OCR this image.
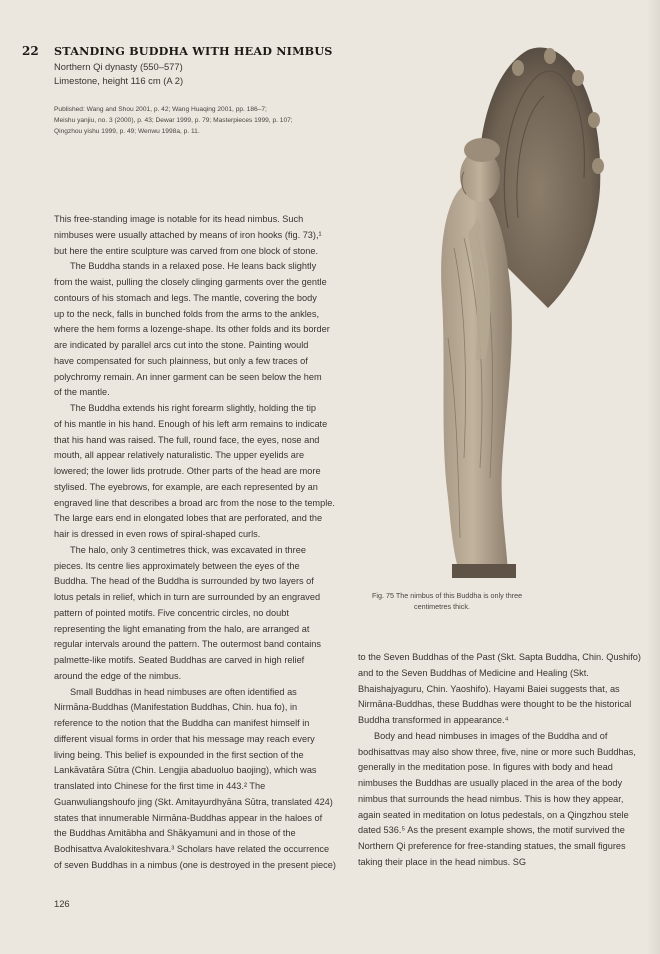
22 STANDING BUDDHA WITH HEAD NIMBUS
Northern Qi dynasty (550–577)
Limestone, height 116 cm (A 2)
Published: Wang and Shou 2001, p. 42; Wang Huaqing 2001, pp. 186–7;
Meishu yanjiu, no. 3 (2000), p. 43; Dewar 1999, p. 79; Masterpieces 1999, p. 107;
Qingzhou yishu 1999, p. 49; Wenwu 1998a, p. 11.

This free-standing image is notable for its head nimbus. Such
nimbuses were usually attached by means of iron hooks (fig. 73),¹
but here the entire sculpture was carved from one block of stone.

The Buddha stands in a relaxed pose. He leans back slightly
from the waist, pulling the closely clinging garments over the gentle
contours of his stomach and legs. The mantle, covering the body
up to the neck, falls in bunched folds from the arms to the ankles,
where the hem forms a lozenge-shape. Its other folds and its border
are indicated by parallel arcs cut into the stone. Painting would
have compensated for such plainness, but only a few traces of
polychromy remain. An inner garment can be seen below the hem
of the mantle.

The Buddha extends his right forearm slightly, holding the tip
of his mantle in his hand. Enough of his left arm remains to indicate
that his hand was raised. The full, round face, the eyes, nose and
mouth, all appear relatively naturalistic. The upper eyelids are
lowered; the lower lids protrude. Other parts of the head are more
stylised. The eyebrows, for example, are each represented by an
engraved line that describes a broad arc from the nose to the temple.
The large ears end in elongated lobes that are perforated, and the
hair is dressed in even rows of spiral-shaped curls.

The halo, only 3 centimetres thick, was excavated in three
pieces. Its centre lies approximately between the eyes of the
Buddha. The head of the Buddha is surrounded by two layers of
lotus petals in relief, which in turn are surrounded by an engraved
pattern of pointed motifs. Five concentric circles, no doubt
representing the light emanating from the halo, are arranged at
regular intervals around the pattern. The outermost band contains
palmette-like motifs. Seated Buddhas are carved in high relief
around the edge of the nimbus.

Small Buddhas in head nimbuses are often identified as
Nirmāna-Buddhas (Manifestation Buddhas, Chin. hua fo), in
reference to the notion that the Buddha can manifest himself in
different visual forms in order that his message may reach every
living being. This belief is expounded in the first section of the
Lankāvatāra Sūtra (Chin. Lengjia abaduoluo baojing), which was
translated into Chinese for the first time in 443.² The
Guanwuliangshoufo jing (Skt. Amitayurdhyāna Sūtra, translated 424)
states that innumerable Nirmāna-Buddhas appear in the haloes of
the Buddhas Amitābha and Shākyamuni and in those of the
Bodhisattva Avalokiteshvara.³ Scholars have related the occurrence
of seven Buddhas in a nimbus (one is destroyed in the present piece)

Fig. 75 The nimbus of this Buddha is only three
centimetres thick.

to the Seven Buddhas of the Past (Skt. Sapta Buddha, Chin. Qushifo)
and to the Seven Buddhas of Medicine and Healing (Skt.
Bhaishajyaguru, Chin. Yaoshifo). Hayami Baiei suggests that, as
Nirmāna-Buddhas, these Buddhas were thought to be the historical
Buddha transformed in appearance.⁴

Body and head nimbuses in images of the Buddha and of
bodhisattvas may also show three, five, nine or more such Buddhas,
generally in the meditation pose. In figures with body and head
nimbuses the Buddhas are usually placed in the area of the body
nimbus that surrounds the head nimbus. This is how they appear,
again seated in meditation on lotus pedestals, on a Qingzhou stele
dated 536.⁵ As the present example shows, the motif survived the
Northern Qi preference for free-standing statues, the small figures
taking their place in the head nimbus. SG

126
